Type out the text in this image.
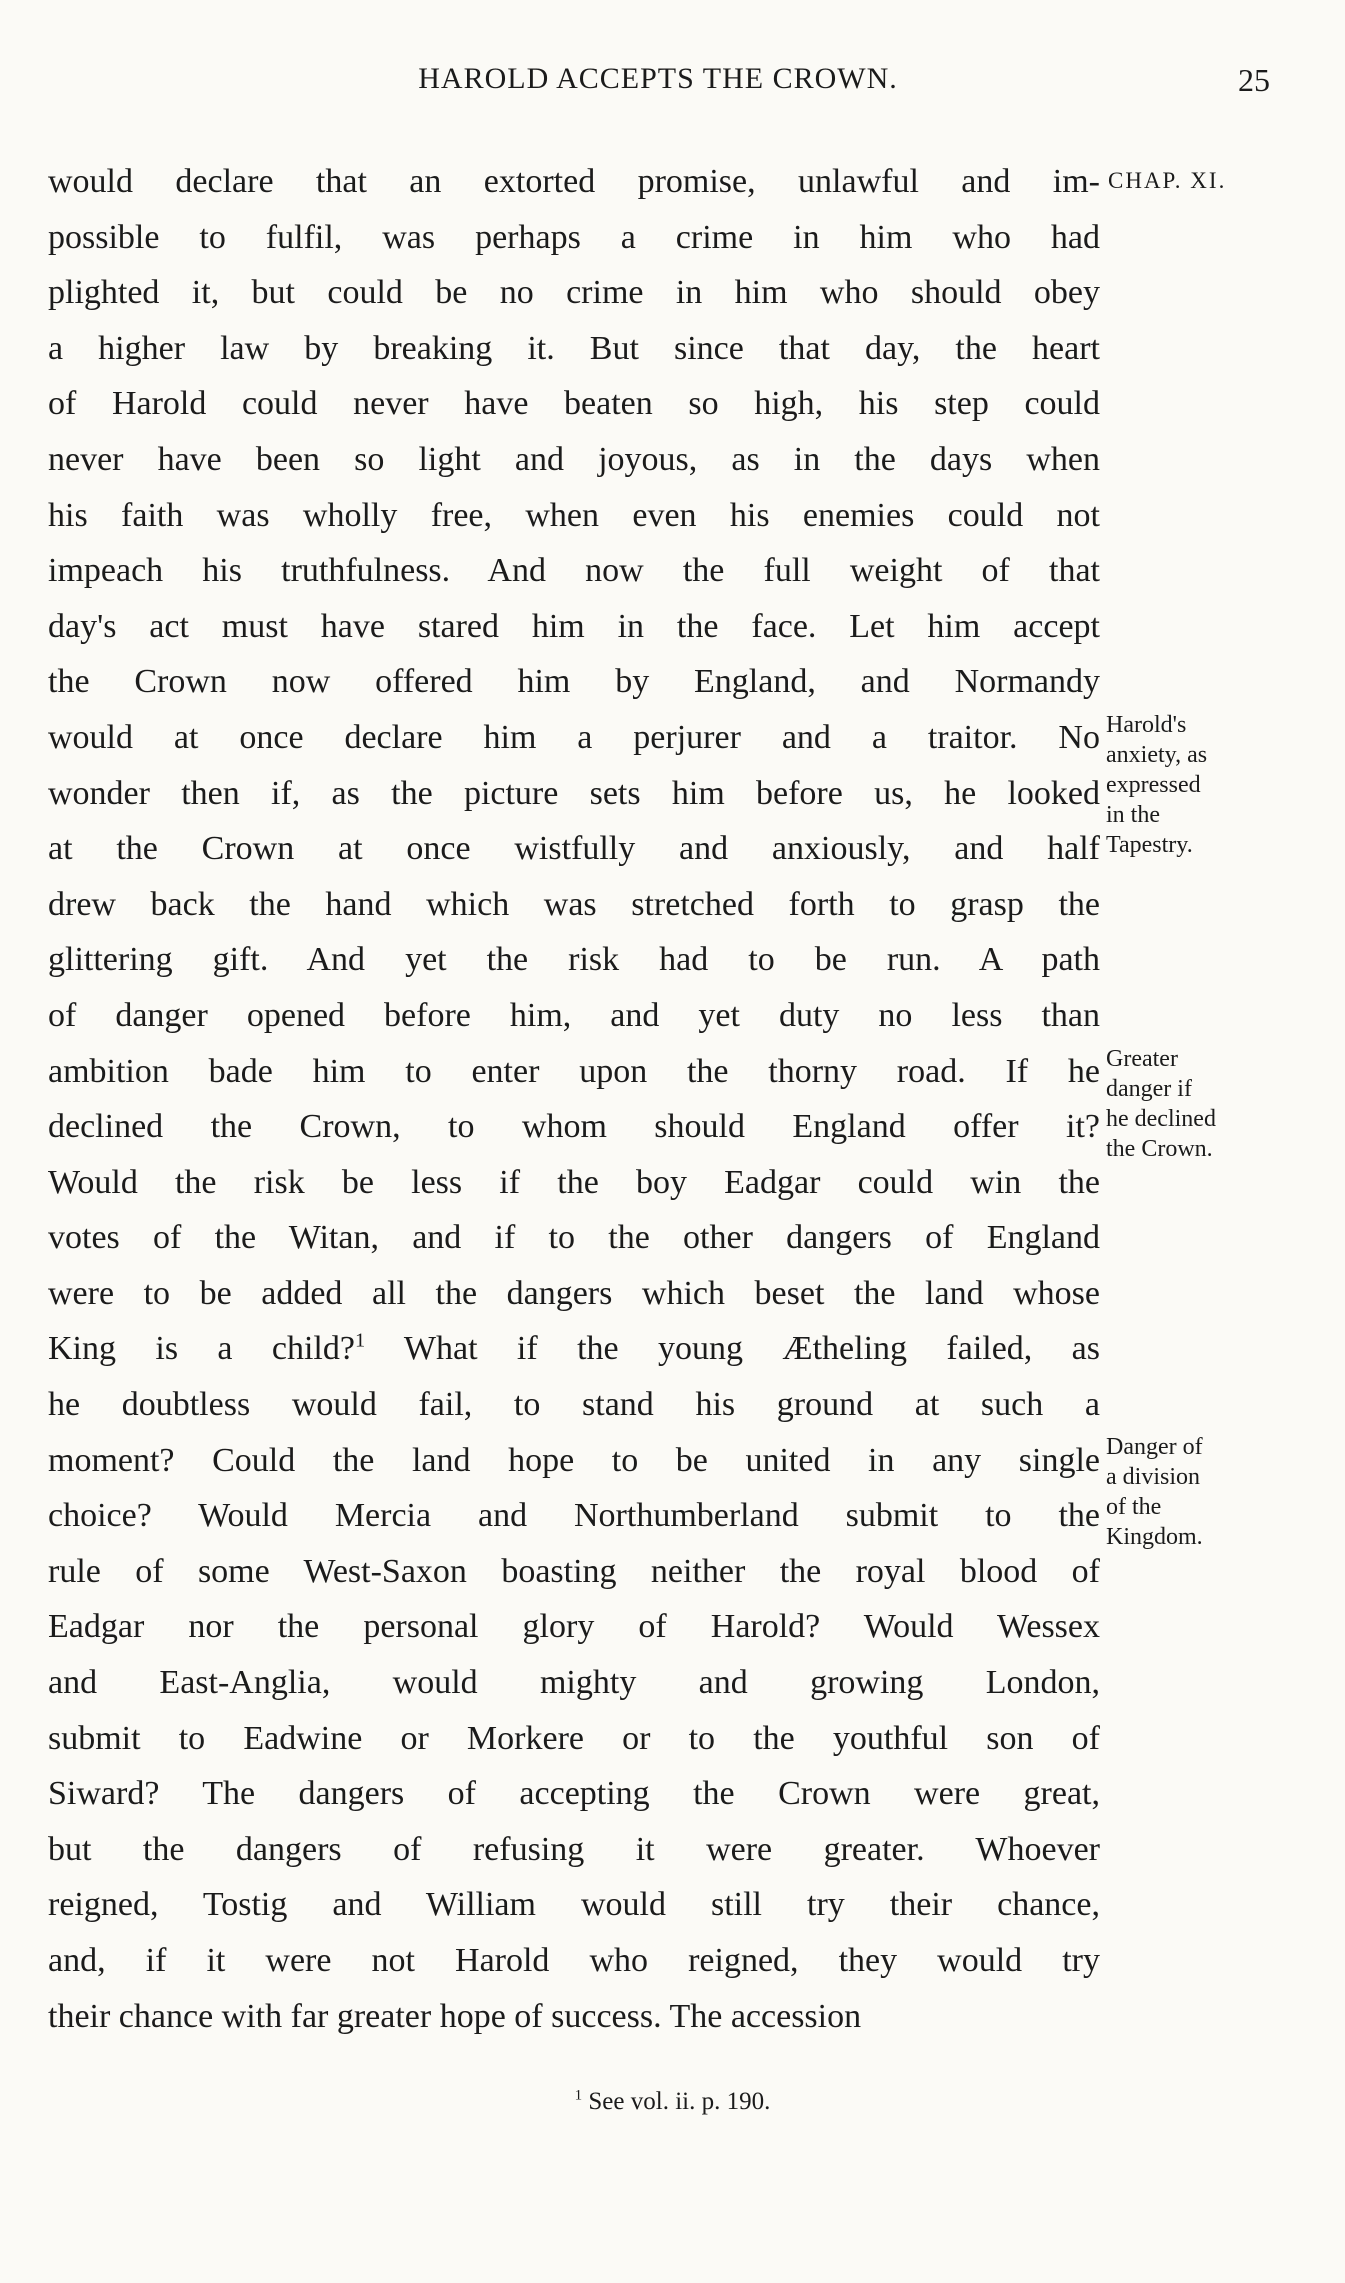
HAROLD ACCEPTS THE CROWN.	25
CHAP. XI.
would declare that an extorted promise, unlawful and im-
possible to fulfil, was perhaps a crime in him who had
plighted it, but could be no crime in him who should obey
a higher law by breaking it. But since that day, the heart
of Harold could never have beaten so high, his step could
never have been so light and joyous, as in the days when
his faith was wholly free, when even his enemies could not
impeach his truthfulness. And now the full weight of that
day's act must have stared him in the face. Let him accept
the Crown now offered him by England, and Normandy
would at once declare him a perjurer and a traitor. No
wonder then if, as the picture sets him before us, he looked
at the Crown at once wistfully and anxiously, and half
drew back the hand which was stretched forth to grasp the
glittering gift. And yet the risk had to be run. A path
of danger opened before him, and yet duty no less than
ambition bade him to enter upon the thorny road. If he
declined the Crown, to whom should England offer it?
Would the risk be less if the boy Eadgar could win the
votes of the Witan, and if to the other dangers of England
were to be added all the dangers which beset the land whose
King is a child?$^1$ What if the young Ætheling failed, as
he doubtless would fail, to stand his ground at such a
moment? Could the land hope to be united in any single
choice? Would Mercia and Northumberland submit to the
rule of some West-Saxon boasting neither the royal blood of
Eadgar nor the personal glory of Harold? Would Wessex
and East-Anglia, would mighty and growing London,
submit to Eadwine or Morkere or to the youthful son of
Siward? The dangers of accepting the Crown were great,
but the dangers of refusing it were greater. Whoever
reigned, Tostig and William would still try their chance,
and, if it were not Harold who reigned, they would try
their chance with far greater hope of success. The accession
Harold's
anxiety, as
expressed
in the
Tapestry.
Greater
danger if
he declined
the Crown.
Danger of
a division
of the
Kingdom.
$^1$ See vol. ii. p. 190.
